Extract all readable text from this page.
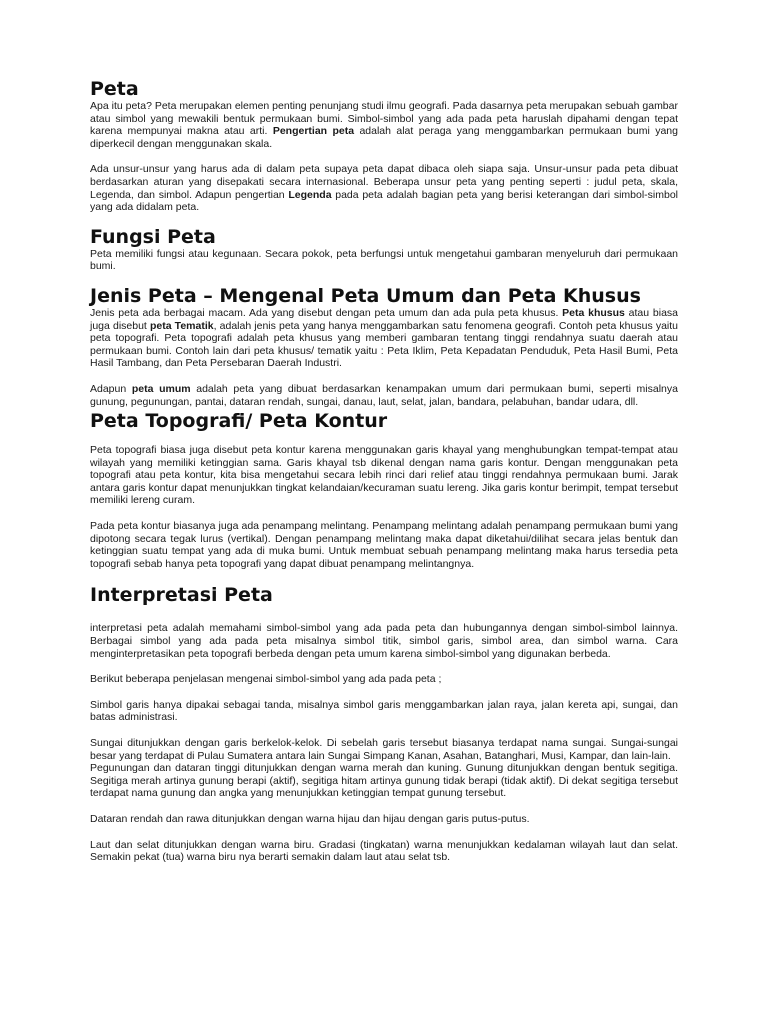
Peta

Apa itu peta? Peta merupakan elemen penting penunjang studi ilmu geografi. Pada dasarnya peta merupakan sebuah gambar atau simbol yang mewakili bentuk permukaan bumi. Simbol-simbol yang ada pada peta haruslah dipahami dengan tepat karena mempunyai makna atau arti. Pengertian peta adalah alat peraga yang menggambarkan permukaan bumi yang diperkecil dengan menggunakan skala.

Ada unsur-unsur yang harus ada di dalam peta supaya peta dapat dibaca oleh siapa saja. Unsur-unsur pada peta dibuat berdasarkan aturan yang disepakati secara internasional. Beberapa unsur peta yang penting seperti : judul peta, skala, Legenda, dan simbol. Adapun pengertian Legenda pada peta adalah bagian peta yang berisi keterangan dari simbol-simbol yang ada didalam peta.

Fungsi Peta

Peta memiliki fungsi atau kegunaan. Secara pokok, peta berfungsi untuk mengetahui gambaran menyeluruh dari permukaan bumi.

Jenis Peta – Mengenal Peta Umum dan Peta Khusus

Jenis peta ada berbagai macam. Ada yang disebut dengan peta umum dan ada pula peta khusus. Peta khusus atau biasa juga disebut peta Tematik, adalah jenis peta yang hanya menggambarkan satu fenomena geografi. Contoh peta khusus yaitu peta topografi. Peta topografi adalah peta khusus yang memberi gambaran tentang tinggi rendahnya suatu daerah atau permukaan bumi. Contoh lain dari peta khusus/ tematik yaitu : Peta Iklim, Peta Kepadatan Penduduk, Peta Hasil Bumi, Peta Hasil Tambang, dan Peta Persebaran Daerah Industri.

Adapun peta umum adalah peta yang dibuat berdasarkan kenampakan umum dari permukaan bumi, seperti misalnya gunung, pegunungan, pantai, dataran rendah, sungai, danau, laut, selat, jalan, bandara, pelabuhan, bandar udara, dll.

Peta Topografi/ Peta Kontur

Peta topografi biasa juga disebut peta kontur karena menggunakan garis khayal yang menghubungkan tempat-tempat atau wilayah yang memiliki ketinggian sama. Garis khayal tsb dikenal dengan nama garis kontur. Dengan menggunakan peta topografi atau peta kontur, kita bisa mengetahui secara lebih rinci dari relief atau tinggi rendahnya permukaan bumi. Jarak antara garis kontur dapat menunjukkan tingkat kelandaian/kecuraman suatu lereng. Jika garis kontur berimpit, tempat tersebut memiliki lereng curam.

Pada peta kontur biasanya juga ada penampang melintang. Penampang melintang adalah penampang permukaan bumi yang dipotong secara tegak lurus (vertikal). Dengan penampang melintang maka dapat diketahui/dilihat secara jelas bentuk dan ketinggian suatu tempat yang ada di muka bumi. Untuk membuat sebuah penampang melintang maka harus tersedia peta topografi sebab hanya peta topografi yang dapat dibuat penampang melintangnya.

Interpretasi Peta

interpretasi peta adalah memahami simbol-simbol yang ada pada peta dan hubungannya dengan simbol-simbol lainnya. Berbagai simbol yang ada pada peta misalnya simbol titik, simbol garis, simbol area, dan simbol warna. Cara menginterpretasikan peta topografi berbeda dengan peta umum karena simbol-simbol yang digunakan berbeda.

Berikut beberapa penjelasan mengenai simbol-simbol yang ada pada peta ;

Simbol garis hanya dipakai sebagai tanda, misalnya simbol garis menggambarkan jalan raya, jalan kereta api, sungai, dan batas administrasi.

Sungai ditunjukkan dengan garis berkelok-kelok. Di sebelah garis tersebut biasanya terdapat nama sungai. Sungai-sungai besar yang terdapat di Pulau Sumatera antara lain Sungai Simpang Kanan, Asahan, Batanghari, Musi, Kampar, dan lain-lain.

Pegunungan dan dataran tinggi ditunjukkan dengan warna merah dan kuning. Gunung ditunjukkan dengan bentuk segitiga. Segitiga merah artinya gunung berapi (aktif), segitiga hitam artinya gunung tidak berapi (tidak aktif). Di dekat segitiga tersebut terdapat nama gunung dan angka yang menunjukkan ketinggian tempat gunung tersebut.

Dataran rendah dan rawa ditunjukkan dengan warna hijau dan hijau dengan garis putus-putus.

Laut dan selat ditunjukkan dengan warna biru. Gradasi (tingkatan) warna menunjukkan kedalaman wilayah laut dan selat. Semakin pekat (tua) warna biru nya berarti semakin dalam laut atau selat tsb.
